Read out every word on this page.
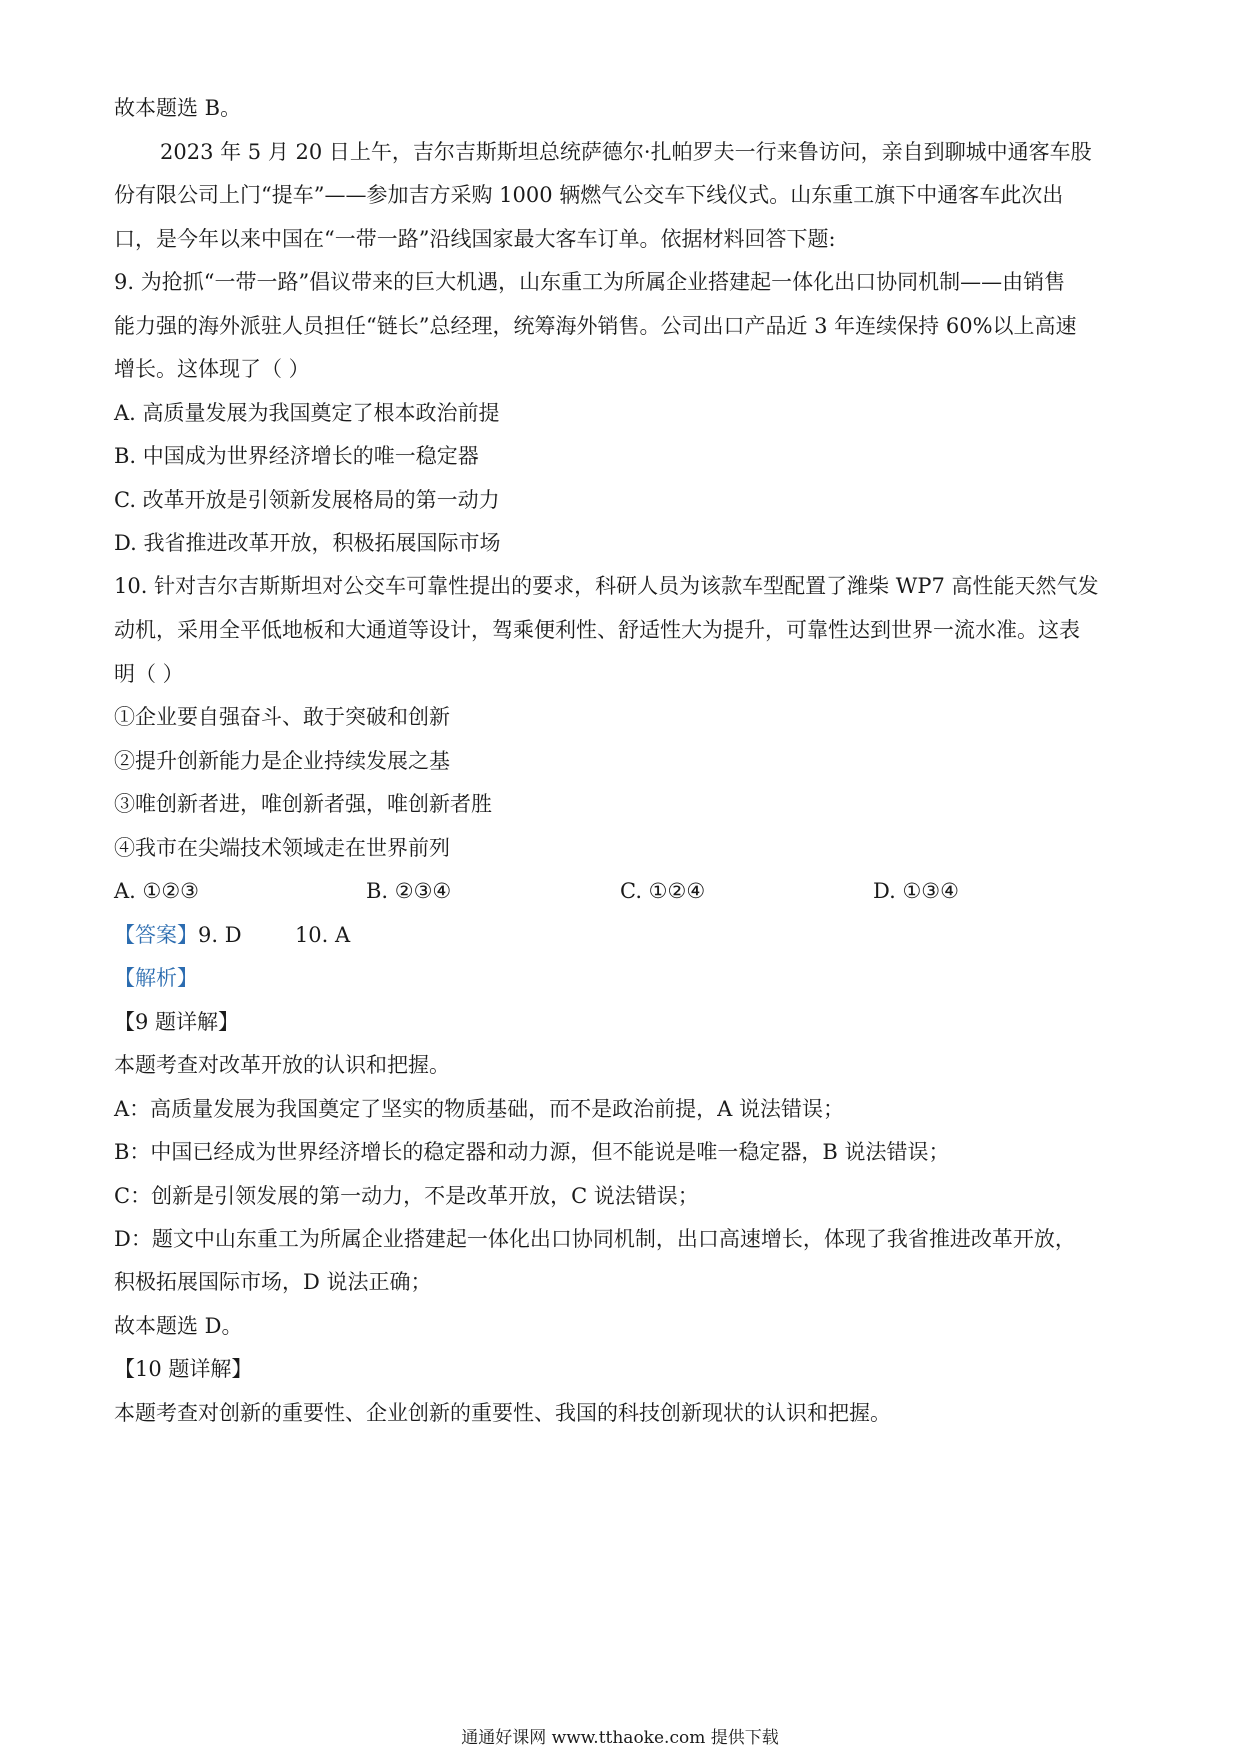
故本题选 B。
2023 年 5 月 20 日上午，吉尔吉斯斯坦总统萨德尔·扎帕罗夫一行来鲁访问，亲自到聊城中通客车股
份有限公司上门“提车”——参加吉方采购 1000 辆燃气公交车下线仪式。山东重工旗下中通客车此次出
口，是今年以来中国在“一带一路”沿线国家最大客车订单。依据材料回答下题:
9. 为抢抓“一带一路”倡议带来的巨大机遇，山东重工为所属企业搭建起一体化出口协同机制——由销售
能力强的海外派驻人员担任“链长”总经理，统筹海外销售。公司出口产品近 3 年连续保持 60%以上高速
增长。这体现了（ ）
A. 高质量发展为我国奠定了根本政治前提
B. 中国成为世界经济增长的唯一稳定器
C. 改革开放是引领新发展格局的第一动力
D. 我省推进改革开放，积极拓展国际市场
10. 针对吉尔吉斯斯坦对公交车可靠性提出的要求，科研人员为该款车型配置了潍柴 WP7 高性能天然气发
动机，采用全平低地板和大通道等设计，驾乘便利性、舒适性大为提升，可靠性达到世界一流水准。这表
明（ ）
①企业要自强奋斗、敢于突破和创新
②提升创新能力是企业持续发展之基
③唯创新者进，唯创新者强，唯创新者胜
④我市在尖端技术领域走在世界前列
A. ①②③	B. ②③④	C. ①②④	D. ①③④
【答案】9. D        10. A
【解析】
【9 题详解】
本题考查对改革开放的认识和把握。
A：高质量发展为我国奠定了坚实的物质基础，而不是政治前提，A 说法错误；
B：中国已经成为世界经济增长的稳定器和动力源，但不能说是唯一稳定器，B 说法错误；
C：创新是引领发展的第一动力，不是改革开放，C 说法错误；
D：题文中山东重工为所属企业搭建起一体化出口协同机制，出口高速增长，体现了我省推进改革开放，
积极拓展国际市场，D 说法正确；
故本题选 D。
【10 题详解】
本题考查对创新的重要性、企业创新的重要性、我国的科技创新现状的认识和把握。
通通好课网 www.tthaoke.com 提供下载
